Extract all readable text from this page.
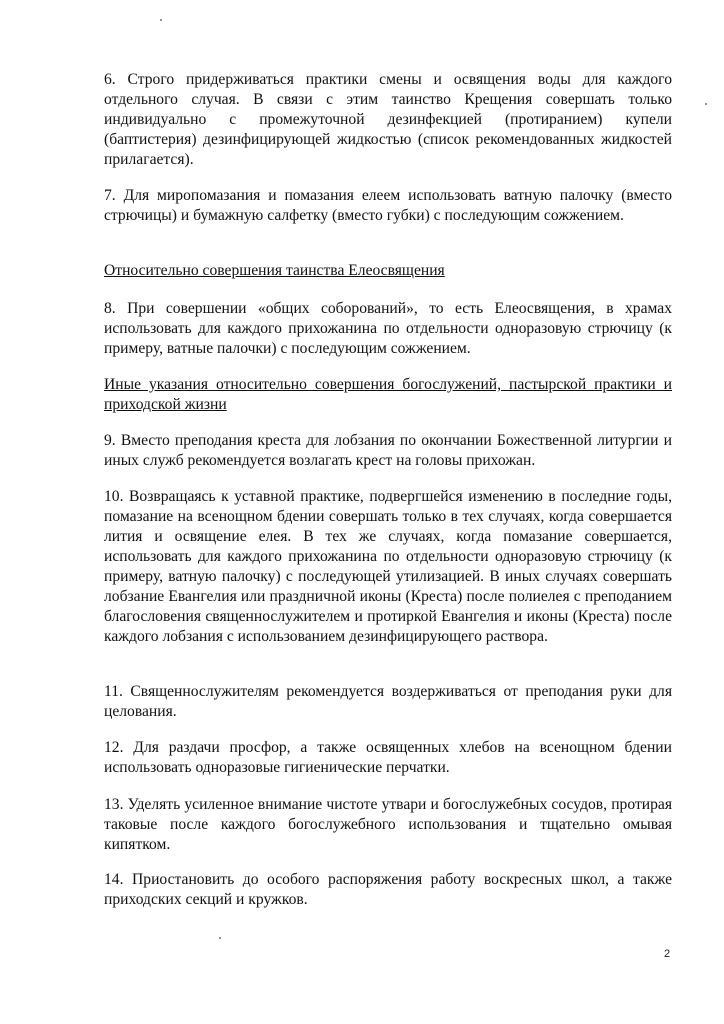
6. Строго придерживаться практики смены и освящения воды для каждого отдельного случая. В связи с этим таинство Крещения совершать только индивидуально с промежуточной дезинфекцией (протиранием) купели (баптистерия) дезинфицирующей жидкостью (список рекомендованных жидкостей прилагается).
7. Для миропомазания и помазания елеем использовать ватную палочку (вместо стрючицы) и бумажную салфетку (вместо губки) с последующим сожжением.
Относительно совершения таинства Елеосвящения
8. При совершении «общих соборований», то есть Елеосвящения, в храмах использовать для каждого прихожанина по отдельности одноразовую стрючицу (к примеру, ватные палочки) с последующим сожжением.
Иные указания относительно совершения богослужений, пастырской практики и приходской жизни
9. Вместо преподания креста для лобзания по окончании Божественной литургии и иных служб рекомендуется возлагать крест на головы прихожан.
10. Возвращаясь к уставной практике, подвергшейся изменению в последние годы, помазание на всенощном бдении совершать только в тех случаях, когда совершается лития и освящение елея. В тех же случаях, когда помазание совершается, использовать для каждого прихожанина по отдельности одноразовую стрючицу (к примеру, ватную палочку) с последующей утилизацией. В иных случаях совершать лобзание Евангелия или праздничной иконы (Креста) после полиелея с преподанием благословения священнослужителем и протиркой Евангелия и иконы (Креста) после каждого лобзания с использованием дезинфицирующего раствора.
11. Священнослужителям рекомендуется воздерживаться от преподания руки для целования.
12. Для раздачи просфор, а также освященных хлебов на всенощном бдении использовать одноразовые гигиенические перчатки.
13. Уделять усиленное внимание чистоте утвари и богослужебных сосудов, протирая таковые после каждого богослужебного использования и тщательно омывая кипятком.
14. Приостановить до особого распоряжения работу воскресных школ, а также приходских секций и кружков.
2
